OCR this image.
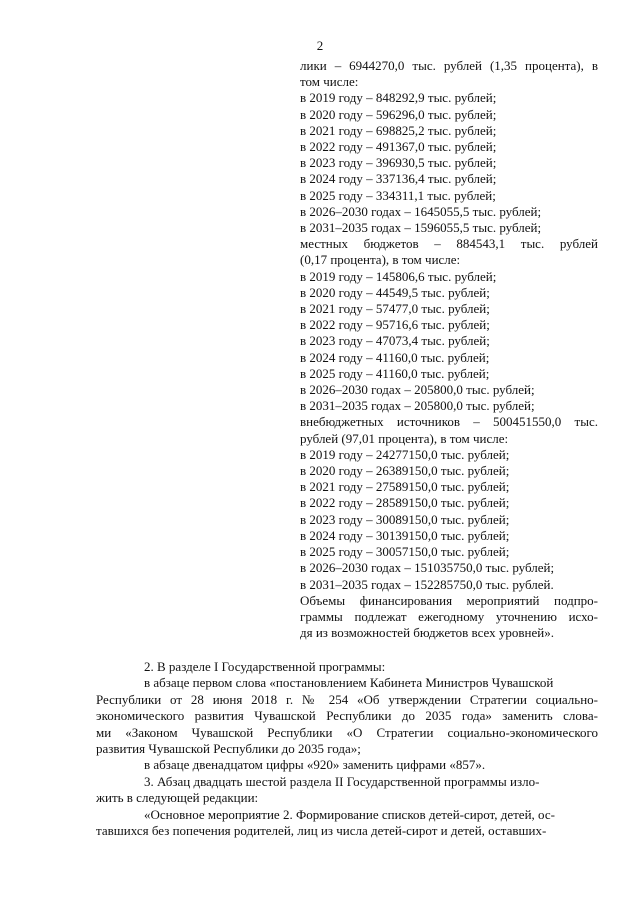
2
лики – 6944270,0 тыс. рублей (1,35 процента), в
том числе:
в 2019 году – 848292,9 тыс. рублей;
в 2020 году – 596296,0 тыс. рублей;
в 2021 году – 698825,2 тыс. рублей;
в 2022 году – 491367,0 тыс. рублей;
в 2023 году – 396930,5 тыс. рублей;
в 2024 году – 337136,4 тыс. рублей;
в 2025 году – 334311,1 тыс. рублей;
в 2026–2030 годах – 1645055,5 тыс. рублей;
в 2031–2035 годах – 1596055,5 тыс. рублей;
местных бюджетов – 884543,1 тыс. рублей
(0,17 процента), в том числе:
в 2019 году – 145806,6 тыс. рублей;
в 2020 году – 44549,5 тыс. рублей;
в 2021 году – 57477,0 тыс. рублей;
в 2022 году – 95716,6 тыс. рублей;
в 2023 году – 47073,4 тыс. рублей;
в 2024 году – 41160,0 тыс. рублей;
в 2025 году – 41160,0 тыс. рублей;
в 2026–2030 годах – 205800,0 тыс. рублей;
в 2031–2035 годах – 205800,0 тыс. рублей;
внебюджетных источников – 500451550,0 тыс.
рублей (97,01 процента), в том числе:
в 2019 году – 24277150,0 тыс. рублей;
в 2020 году – 26389150,0 тыс. рублей;
в 2021 году – 27589150,0 тыс. рублей;
в 2022 году – 28589150,0 тыс. рублей;
в 2023 году – 30089150,0 тыс. рублей;
в 2024 году – 30139150,0 тыс. рублей;
в 2025 году – 30057150,0 тыс. рублей;
в 2026–2030 годах – 151035750,0 тыс. рублей;
в 2031–2035 годах – 152285750,0 тыс. рублей.
Объемы финансирования мероприятий подпро-
граммы подлежат ежегодному уточнению исхо-
дя из возможностей бюджетов всех уровней».
2. В разделе I Государственной программы:
в абзаце первом слова «постановлением Кабинета Министров Чувашской
Республики от 28 июня 2018 г. № 254 «Об утверждении Стратегии социально-
экономического развития Чувашской Республики до 2035 года» заменить слова-
ми «Законом Чувашской Республики «О Стратегии социально-экономического
развития Чувашской Республики до 2035 года»;
в абзаце двенадцатом цифры «920» заменить цифрами «857».
3. Абзац двадцать шестой раздела II Государственной программы изло-
жить в следующей редакции:
«Основное мероприятие 2. Формирование списков детей-сирот, детей, ос-
тавшихся без попечения родителей, лиц из числа детей-сирот и детей, оставших-
